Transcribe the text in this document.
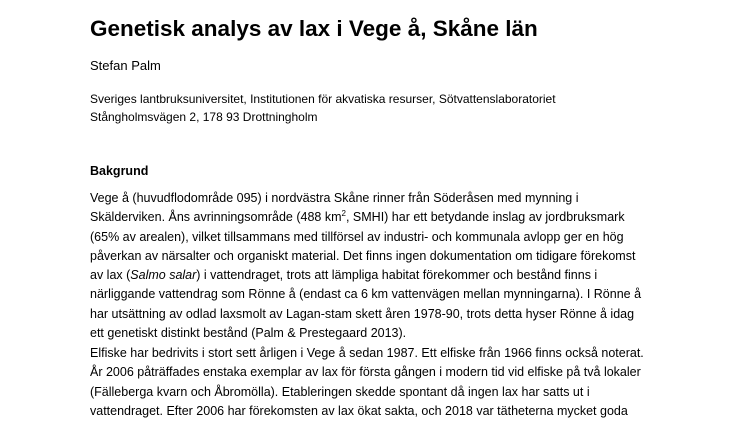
Genetisk analys av lax i Vege å, Skåne län
Stefan Palm
Sveriges lantbruksuniversitet, Institutionen för akvatiska resurser, Sötvattenslaboratoriet
Stångholmsvägen 2, 178 93 Drottningholm
Bakgrund

Vege å (huvudflodområde 095) i nordvästra Skåne rinner från Söderåsen med mynning i
Skälderviken. Åns avrinningsområde (488 $km^2$, SMHI) har ett betydande inslag av jordbruksmark
(65% av arealen), vilket tillsammans med tillförsel av industri- och kommunala avlopp ger en hög
påverkan av närsalter och organiskt material. Det finns ingen dokumentation om tidigare förekomst
av lax (Salmo salar) i vattendraget, trots att lämpliga habitat förekommer och bestånd finns i
närliggande vattendrag som Rönne å (endast ca 6 km vattenvägen mellan mynningarna). I Rönne å
har utsättning av odlad laxsmolt av Lagan-stam skett åren 1978-90, trots detta hyser Rönne å idag
ett genetiskt distinkt bestånd (Palm & Prestegaard 2013).

Elfiske har bedrivits i stort sett årligen i Vege å sedan 1987. Ett elfiske från 1966 finns också noterat.
År 2006 påträffades enstaka exemplar av lax för första gången i modern tid vid elfiske på två lokaler
(Fälleberga kvarn och Åbromölla). Etableringen skedde spontant då ingen lax har satts ut i
vattendraget. Efter 2006 har förekomsten av lax ökat sakta, och 2018 var tätheterna mycket goda
